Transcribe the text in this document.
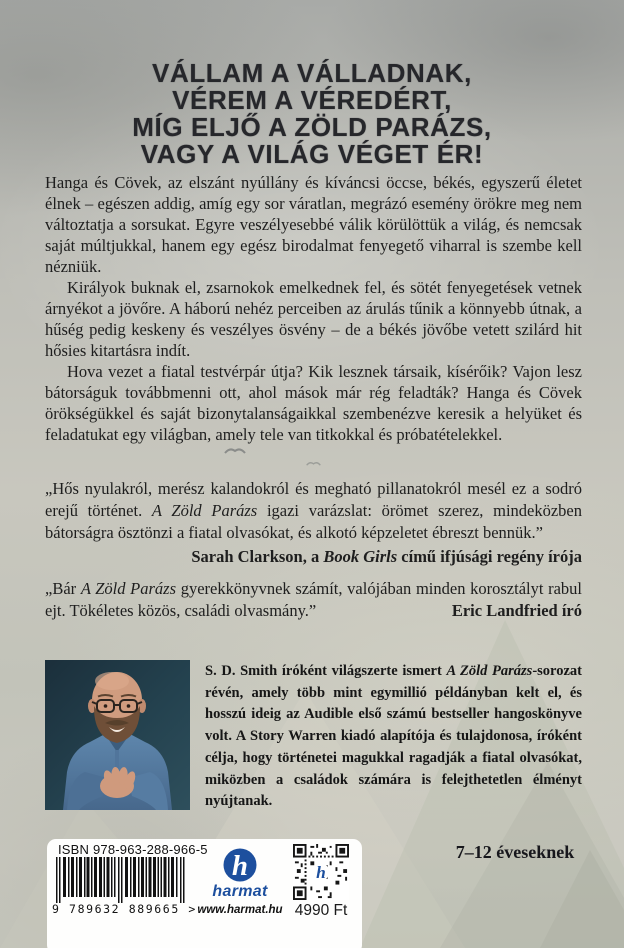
VÁLLAM A VÁLLADNAK,
VÉREM A VÉREDÉRT,
MÍG ELJŐ A ZÖLD PARÁZS,
VAGY A VILÁG VÉGET ÉR!

Hanga és Cövek, az elszánt nyúllány és kíváncsi öccse, békés, egyszerű életet élnek – egészen addig, amíg egy sor váratlan, megrázó esemény örökre meg nem változtatja a sorsukat. Egyre veszélyesebbé válik körülöttük a világ, és nemcsak saját múltjukkal, hanem egy egész birodalmat fenyegető viharral is szembe kell nézniük.

Királyok buknak el, zsarnokok emelkednek fel, és sötét fenyegetések vetnek árnyékot a jövőre. A háború nehéz perceiben az árulás tűnik a könnyebb útnak, a hűség pedig keskeny és veszélyes ösvény – de a békés jövőbe vetett szilárd hit hősies kitartásra indít.

Hova vezet a fiatal testvérpár útja? Kik lesznek társaik, kísérőik? Vajon lesz bátorságuk továbbmenni ott, ahol mások már rég feladták? Hanga és Cövek örökségükkel és saját bizonytalanságaikkal szembenézve keresik a helyüket és feladatukat egy világban, amely tele van titkokkal és próbatételekkel.

„Hős nyulakról, merész kalandokról és megható pillanatokról mesél ez a sodró erejű történet. A Zöld Parázs igazi varázslat: örömet szerez, mindeközben bátorságra ösztönzi a fiatal olvasókat, és alkotó képzeletet ébreszt bennük.”

Sarah Clarkson, a Book Girls című ifjúsági regény írója

„Bár A Zöld Parázs gyerekkönyvnek számít, valójában minden korosztályt rabul ejt. Tökéletes közös, családi olvasmány.”	Eric Landfried író

S. D. Smith íróként világszerte ismert A Zöld Parázs-sorozat révén, amely több mint egymillió példányban kelt el, és hosszú ideig az Audible első számú bestseller hangoskönyve volt. A Story Warren kiadó alapítója és tulajdonosa, íróként célja, hogy történetei magukkal ragadják a fiatal olvasókat, miközben a családok számára is felejthetetlen élményt nyújtanak.

ISBN 978-963-288-966-5
9 789632 889665 >
h
harmat
www.harmat.hu
h
4990 Ft
7–12 éveseknek
